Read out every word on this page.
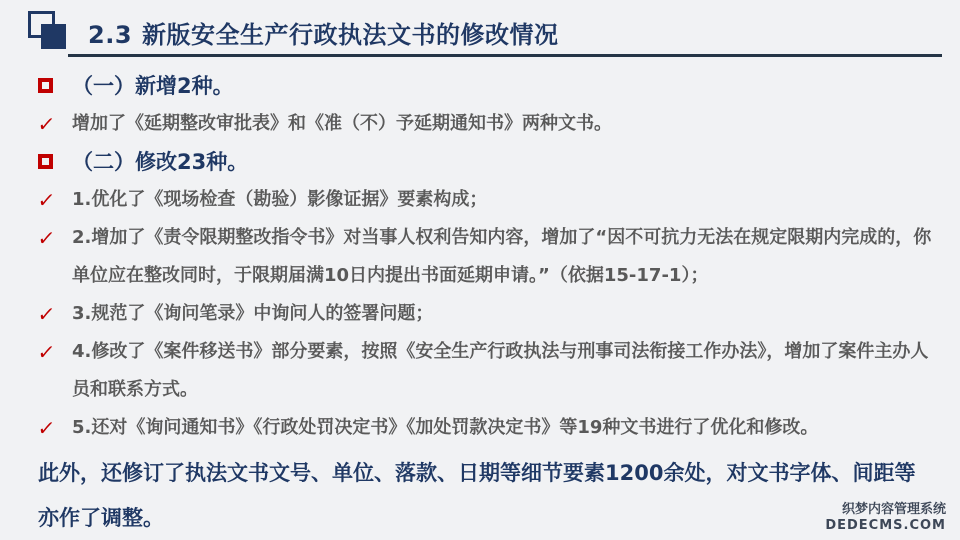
2.3 新版安全生产行政执法文书的修改情况
（一）新增2种。
✓ 增加了《延期整改审批表》和《准（不）予延期通知书》两种文书。
（二）修改23种。
✓ 1.优化了《现场检查（勘验）影像证据》要素构成；
✓ 2.增加了《责令限期整改指令书》对当事人权利告知内容，增加了“因不可抗力无法在规定限期内完成的，你单位应在整改同时，于限期届满10日内提出书面延期申请。”（依据15-17-1）；
✓ 3.规范了《询问笔录》中询问人的签署问题；
✓ 4.修改了《案件移送书》部分要素，按照《安全生产行政执法与刑事司法衔接工作办法》，增加了案件主办人员和联系方式。
✓ 5.还对《询问通知书》《行政处罚决定书》《加处罚款决定书》等19种文书进行了优化和修改。
此外，还修订了执法文书文号、单位、落款、日期等细节要素1200余处，对文书字体、间距等亦作了调整。	织梦内容管理系统
DEDECMS.COM
